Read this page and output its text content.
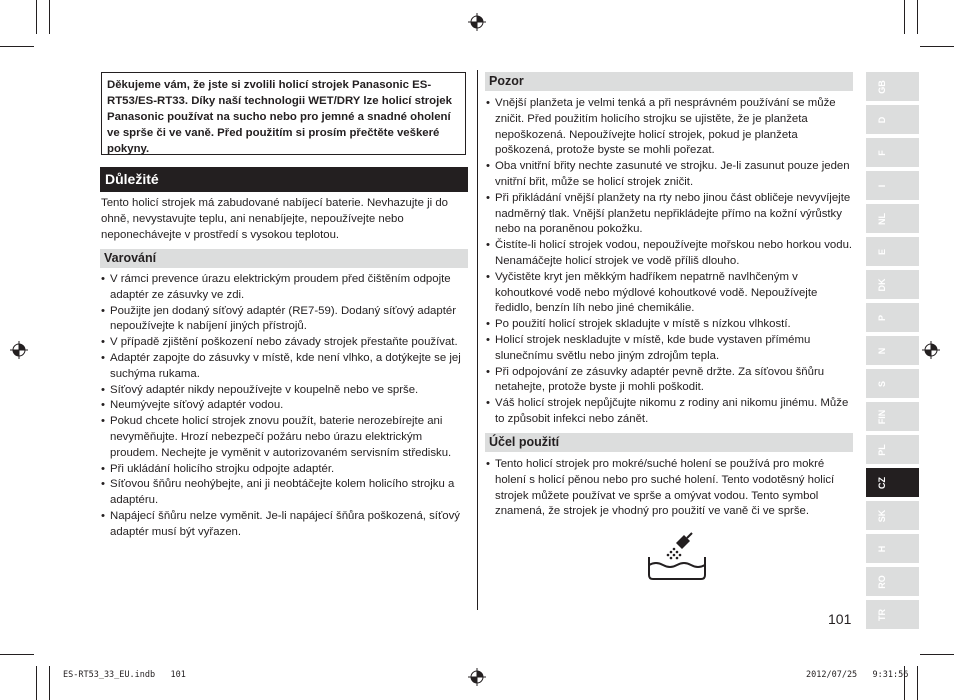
Děkujeme vám, že jste si zvolili holicí strojek Panasonic ES-RT53/ES-RT33. Díky naší technologii WET/DRY lze holicí strojek Panasonic používat na sucho nebo pro jemné a snadné oholení ve sprše či ve vaně. Před použitím si prosím přečtěte veškeré pokyny.
Důležité
Tento holicí strojek má zabudované nabíjecí baterie. Nevhazujte ji do ohně, nevystavujte teplu, ani nenabíjejte, nepoužívejte nebo neponechávejte v prostředí s vysokou teplotou.
Varování
• V rámci prevence úrazu elektrickým proudem před čištěním odpojte adaptér ze zásuvky ve zdi.
• Použijte jen dodaný síťový adaptér (RE7-59). Dodaný síťový adaptér nepoužívejte k nabíjení jiných přístrojů.
• V případě zjištění poškození nebo závady strojek přestaňte používat.
• Adaptér zapojte do zásuvky v místě, kde není vlhko, a dotýkejte se jej suchýma rukama.
• Síťový adaptér nikdy nepoužívejte v koupelně nebo ve sprše.
• Neumývejte síťový adaptér vodou.
• Pokud chcete holicí strojek znovu použít, baterie nerozebírejte ani nevyměňujte. Hrozí nebezpečí požáru nebo úrazu elektrickým proudem. Nechejte je vyměnit v autorizovaném servisním středisku.
• Při ukládání holicího strojku odpojte adaptér.
• Síťovou šňůru neohýbejte, ani ji neobtáčejte kolem holicího strojku a adaptéru.
• Napájecí šňůru nelze vyměnit. Je-li napájecí šňůra poškozená, síťový adaptér musí být vyřazen.
Pozor
• Vnější planžeta je velmi tenká a při nesprávném používání se může zničit. Před použitím holicího strojku se ujistěte, že je planžeta nepoškozená. Nepoužívejte holicí strojek, pokud je planžeta poškozená, protože byste se mohli pořezat.
• Oba vnitřní břity nechte zasunuté ve strojku. Je-li zasunut pouze jeden vnitřní břit, může se holicí strojek zničit.
• Při přikládání vnější planžety na rty nebo jinou část obličeje nevyvíjejte nadměrný tlak. Vnější planžetu nepřikládejte přímo na kožní výrůstky nebo na poraněnou pokožku.
• Čistíte-li holicí strojek vodou, nepoužívejte mořskou nebo horkou vodu. Nenamáčejte holicí strojek ve vodě příliš dlouho.
• Vyčistěte kryt jen měkkým hadříkem nepatrně navlhčeným v kohoutkové vodě nebo mýdlové kohoutkové vodě. Nepoužívejte ředidlo, benzín líh nebo jiné chemikálie.
• Po použití holicí strojek skladujte v místě s nízkou vlhkostí.
• Holicí strojek neskladujte v místě, kde bude vystaven přímému slunečnímu světlu nebo jiným zdrojům tepla.
• Při odpojování ze zásuvky adaptér pevně držte. Za síťovou šňůru netahejte, protože byste ji mohli poškodit.
• Váš holicí strojek nepůjčujte nikomu z rodiny ani nikomu jinému. Může to způsobit infekci nebo zánět.
Účel použití
• Tento holicí strojek pro mokré/suché holení se používá pro mokré holení s holicí pěnou nebo pro suché holení. Tento vodotěsný holicí strojek můžete používat ve sprše a omývat vodou. Tento symbol znamená, že strojek je vhodný pro použití ve vaně či ve sprše.
GB
D
F
I
NL
E
DK
P
N
S
FIN
PL
CZ
SK
H
RO
TR
101
ES-RT53_33_EU.indb   101	2012/07/25   9:31:56
